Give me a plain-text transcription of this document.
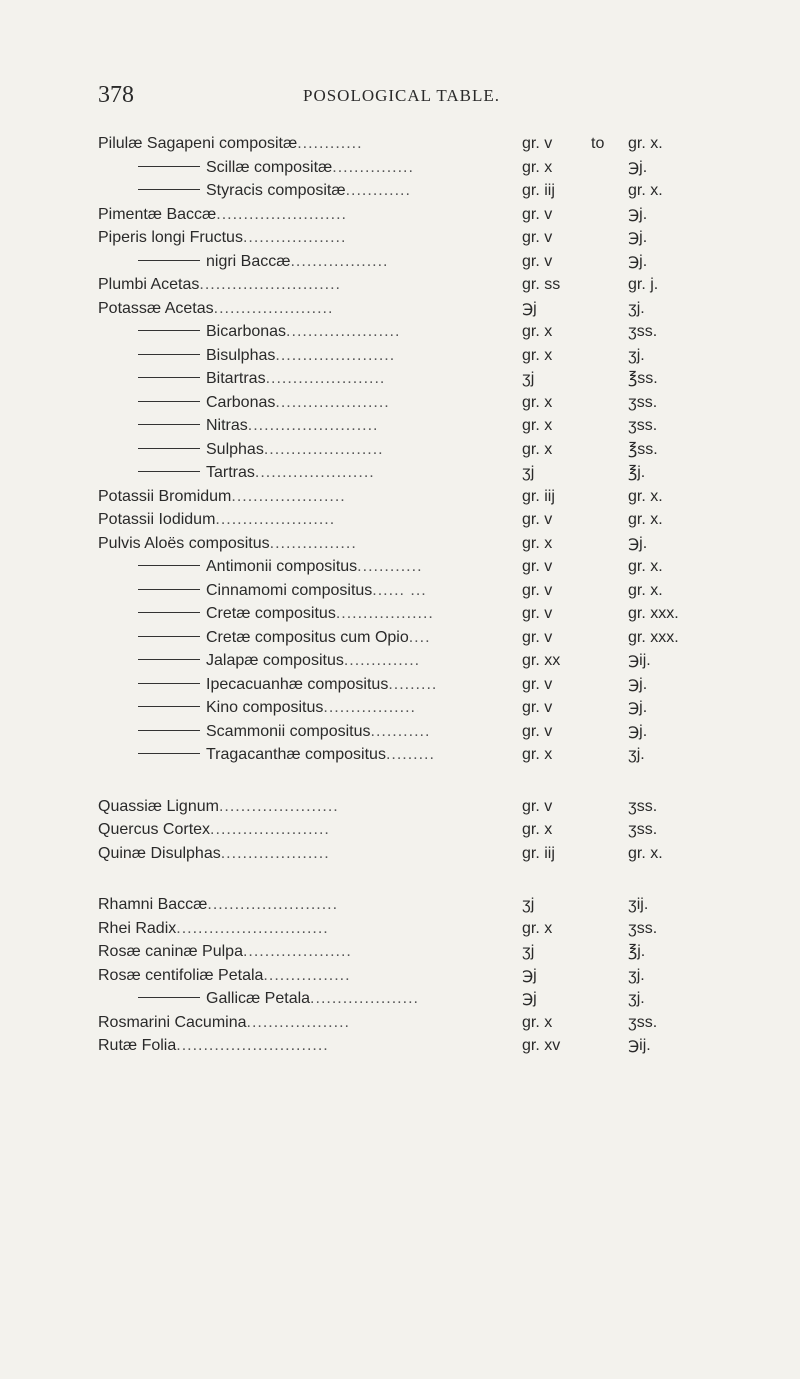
378	POSOLOGICAL TABLE.
Pilulæ Sagapeni compositæ............	gr. v to gr. x.
Scillæ compositæ...............	gr. x	℈j.
Styracis compositæ............	gr. iij	gr. x.
Pimentæ Baccæ........................	gr. v	℈j.
Piperis longi Fructus...................	gr. v	℈j.
nigri Baccæ..................	gr. v	℈j.
Plumbi Acetas..........................	gr. ss	gr. j.
Potassæ Acetas......................	℈j	ʒj.
Bicarbonas.....................	gr. x	ʒss.
Bisulphas......................	gr. x	ʒj.
Bitartras......................	ʒj	℥ss.
Carbonas.....................	gr. x	ʒss.
Nitras........................	gr. x	ʒss.
Sulphas......................	gr. x	℥ss.
Tartras......................	ʒj	℥j.
Potassii Bromidum.....................	gr. iij	gr. x.
Potassii Iodidum......................	gr. v	gr. x.
Pulvis Aloës compositus................	gr. x	℈j.
Antimonii compositus............	gr. v	gr. x.
Cinnamomi compositus...... ...	gr. v	gr. x.
Cretæ compositus..................	gr. v	gr. xxx.
Cretæ compositus cum Opio....	gr. v	gr. xxx.
Jalapæ compositus..............	gr. xx	℈ij.
Ipecacuanhæ compositus.........	gr. v	℈j.
Kino compositus.................	gr. v	℈j.
Scammonii compositus...........	gr. v	℈j.
Tragacanthæ compositus.........	gr. x	ʒj.
Quassiæ Lignum......................	gr. v	ʒss.
Quercus Cortex......................	gr. x	ʒss.
Quinæ Disulphas....................	gr. iij	gr. x.
Rhamni Baccæ........................	ʒj	ʒij.
Rhei Radix............................	gr. x	ʒss.
Rosæ caninæ Pulpa....................	ʒj	℥j.
Rosæ centifoliæ Petala................	℈j	ʒj.
Gallicæ Petala....................	℈j	ʒj.
Rosmarini Cacumina...................	gr. x	ʒss.
Rutæ Folia............................	gr. xv	℈ij.
